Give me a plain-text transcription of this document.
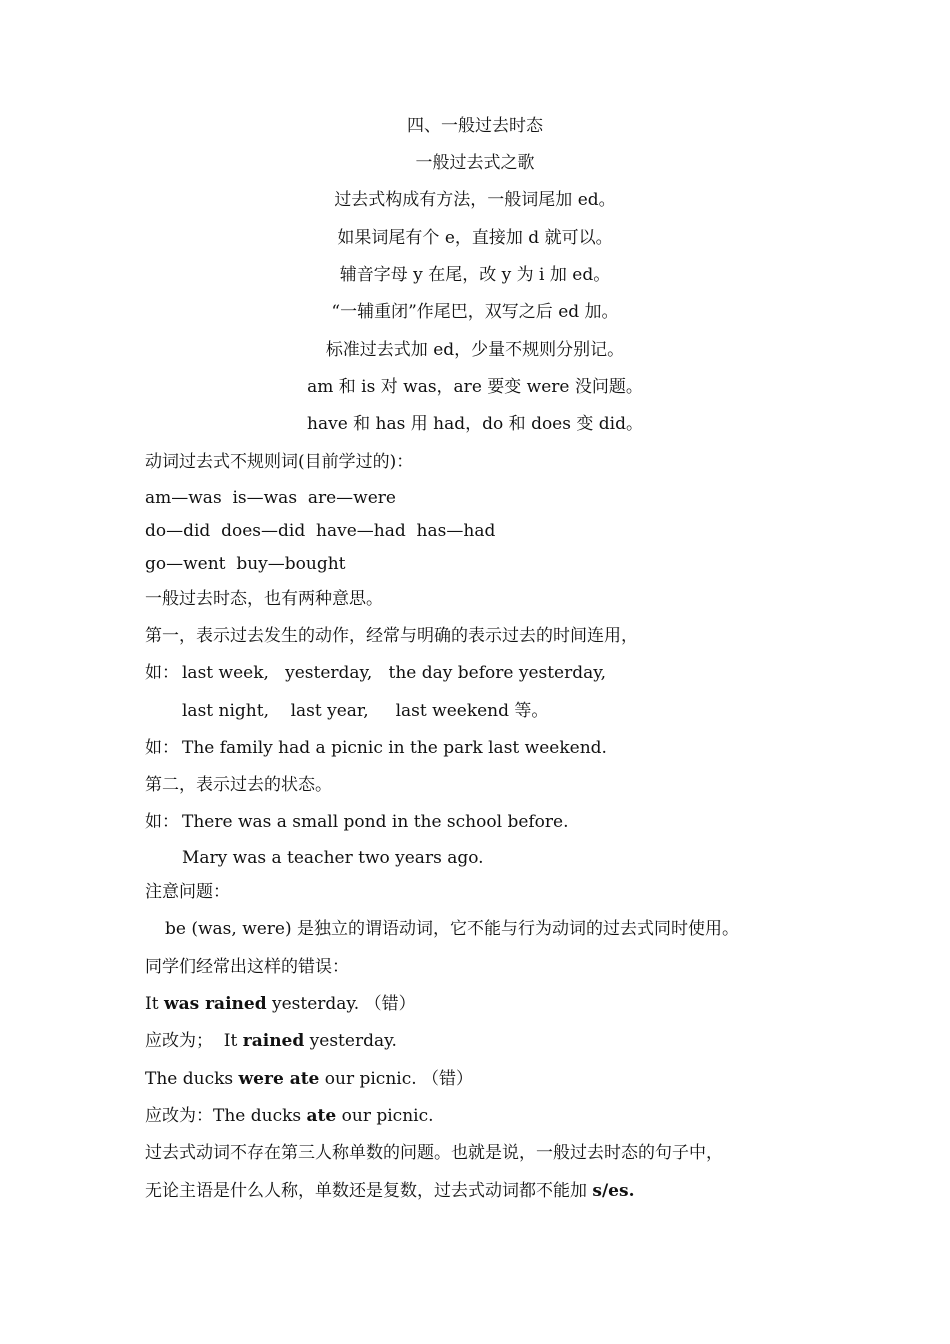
四、一般过去时态
一般过去式之歌
过去式构成有方法，一般词尾加 ed。
如果词尾有个 e，直接加 d 就可以。
辅音字母 y 在尾，改 y 为 i 加 ed。
“一辅重闭”作尾巴，双写之后 ed 加。
标准过去式加 ed，少量不规则分别记。
am 和 is 对 was，are 要变 were 没问题。
have 和 has 用 had，do 和 does 变 did。
动词过去式不规则词(目前学过的)：
am—was  is—was  are—were
do—did  does—did  have—had  has—had
go—went  buy—bought
一般过去时态，也有两种意思。
第一，表示过去发生的动作，经常与明确的表示过去的时间连用，
如： last week,   yesterday,   the day before yesterday,
last night,    last year,     last weekend 等。
如： The family had a picnic in the park last weekend.
第二，表示过去的状态。
如： There was a small pond in the school before.
Mary was a teacher two years ago.
注意问题：
be (was, were) 是独立的谓语动词，它不能与行为动词的过去式同时使用。
同学们经常出这样的错误：
It was rained yesterday. （错）
应改为；  It rained yesterday.
The ducks were ate our picnic. （错）
应改为：The ducks ate our picnic.
过去式动词不存在第三人称单数的问题。也就是说，一般过去时态的句子中，
无论主语是什么人称，单数还是复数，过去式动词都不能加 s/es.
